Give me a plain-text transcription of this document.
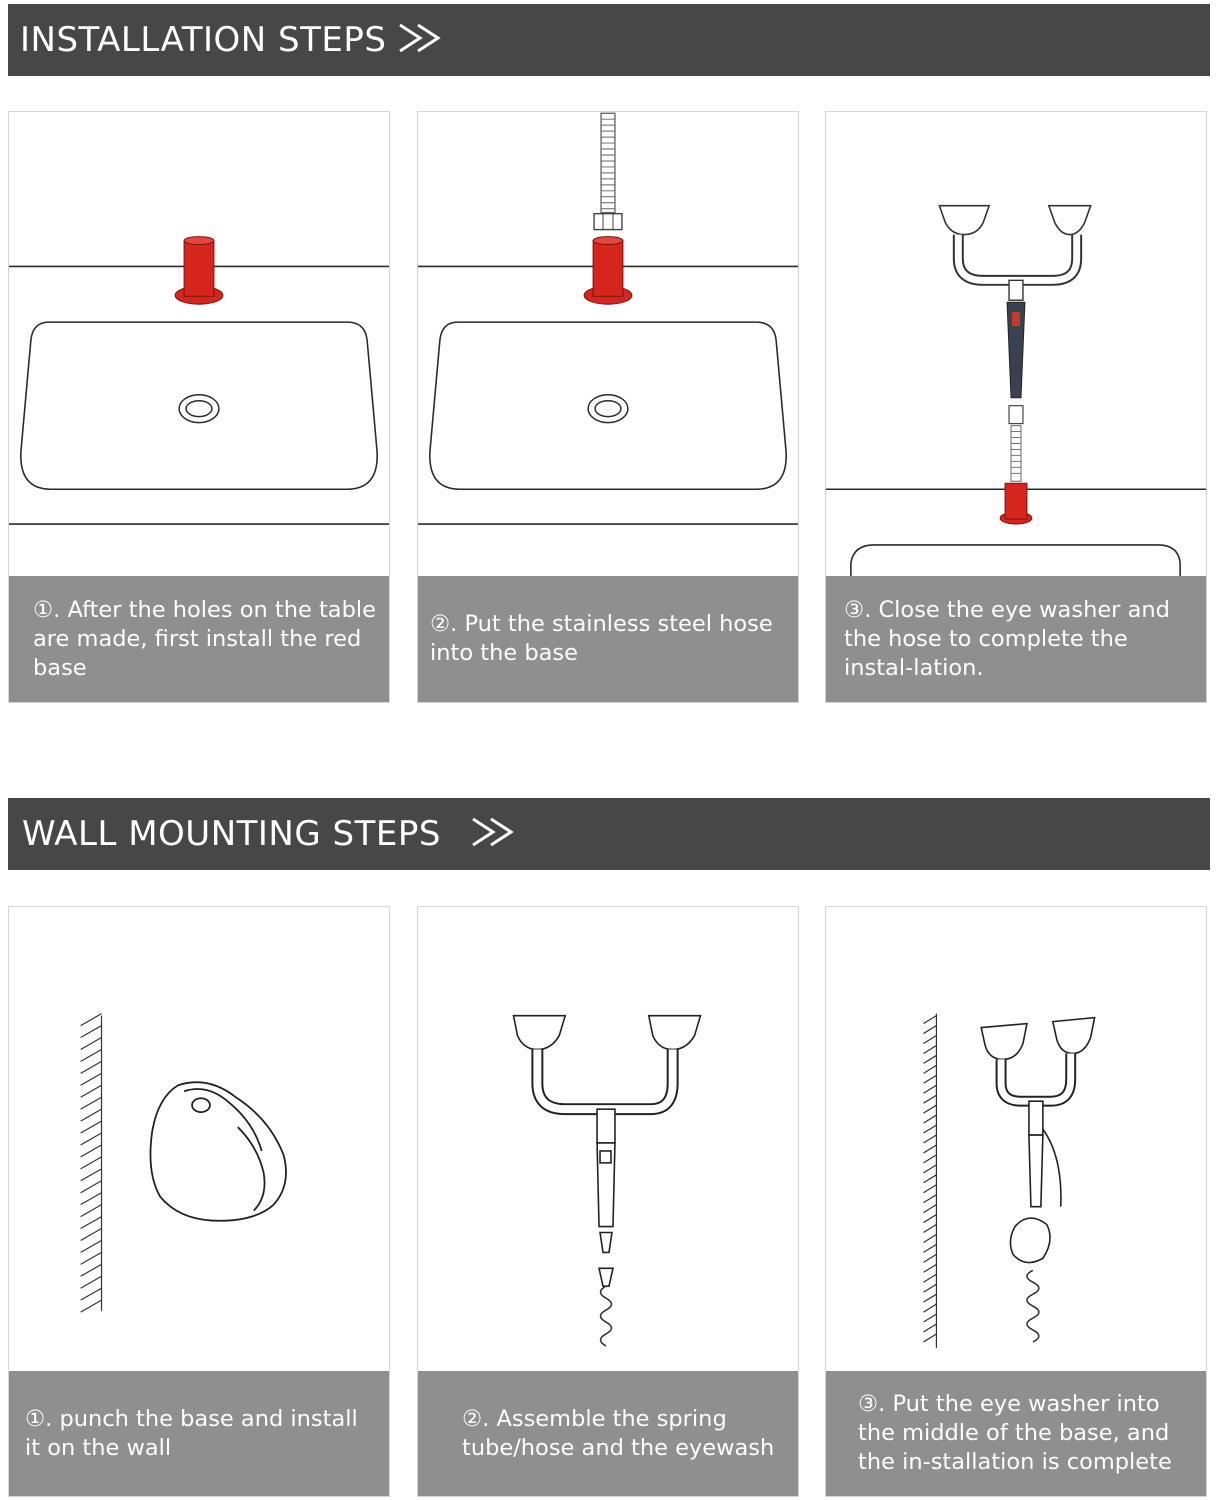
INSTALLATION STEPS
①. After the holes on the table are made, first install the red base
②. Put the stainless steel hose into the base
③. Close the eye washer and the hose to complete the instal-lation.
WALL MOUNTING STEPS
①. punch the base and install it on the wall
②. Assemble the spring tube/hose and the eyewash
③. Put the eye washer into the middle of the base, and the in-stallation is complete
